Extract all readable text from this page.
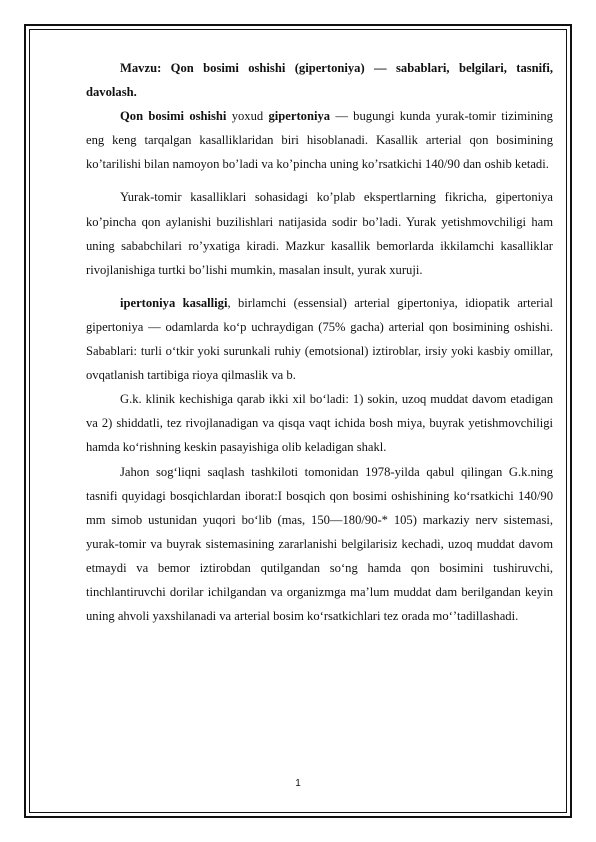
Mavzu: Qon bosimi oshishi (gipertoniya) — sabablari, belgilari, tasnifi, davolash.

Qon bosimi oshishi yoxud gipertoniya — bugungi kunda yurak-tomir tizimining eng keng tarqalgan kasalliklaridan biri hisoblanadi. Kasallik arterial qon bosimining ko’tarilishi bilan namoyon bo’ladi va ko’pincha uning ko’rsatkichi 140/90 dan oshib ketadi.

Yurak-tomir kasalliklari sohasidagi ko’plab ekspertlarning fikricha, gipertoniya ko’pincha qon aylanishi buzilishlari natijasida sodir bo’ladi. Yurak yetishmovchiligi ham uning sababchilari ro’yxatiga kiradi. Mazkur kasallik bemorlarda ikkilamchi kasalliklar rivojlanishiga turtki bo’lishi mumkin, masalan insult, yurak xuruji.

ipertoniya kasalligi, birlamchi (essensial) arterial gipertoniya, idiopatik arterial gipertoniya — odamlarda koʻp uchraydigan (75% gacha) arterial qon bosimining oshishi. Sabablari: turli oʻtkir yoki surunkali ruhiy (emotsional) iztiroblar, irsiy yoki kasbiy omillar, ovqatlanish tartibiga rioya qilmaslik va b.

G.k. klinik kechishiga qarab ikki xil boʻladi: 1) sokin, uzoq muddat davom etadigan va 2) shiddatli, tez rivojlanadigan va qisqa vaqt ichida bosh miya, buyrak yetishmovchiligi hamda koʻrishning keskin pasayishiga olib keladigan shakl.

Jahon sogʻliqni saqlash tashkiloti tomonidan 1978-yilda qabul qilingan G.k.ning tasnifi quyidagi bosqichlardan iborat:I bosqich qon bosimi oshishining koʻrsatkichi 140/90 mm simob ustunidan yuqori boʻlib (mas, 150—180/90-* 105) markaziy nerv sistemasi, yurak-tomir va buyrak sistemasining zararlanishi belgilarisiz kechadi, uzoq muddat davom etmaydi va bemor iztirobdan qutilgandan soʻng hamda qon bosimini tushiruvchi, tinchlantiruvchi dorilar ichilgandan va organizmga maʼlum muddat dam berilgandan keyin uning ahvoli yaxshilanadi va arterial bosim koʻrsatkichlari tez orada moʻʼtadillashadi.

1
